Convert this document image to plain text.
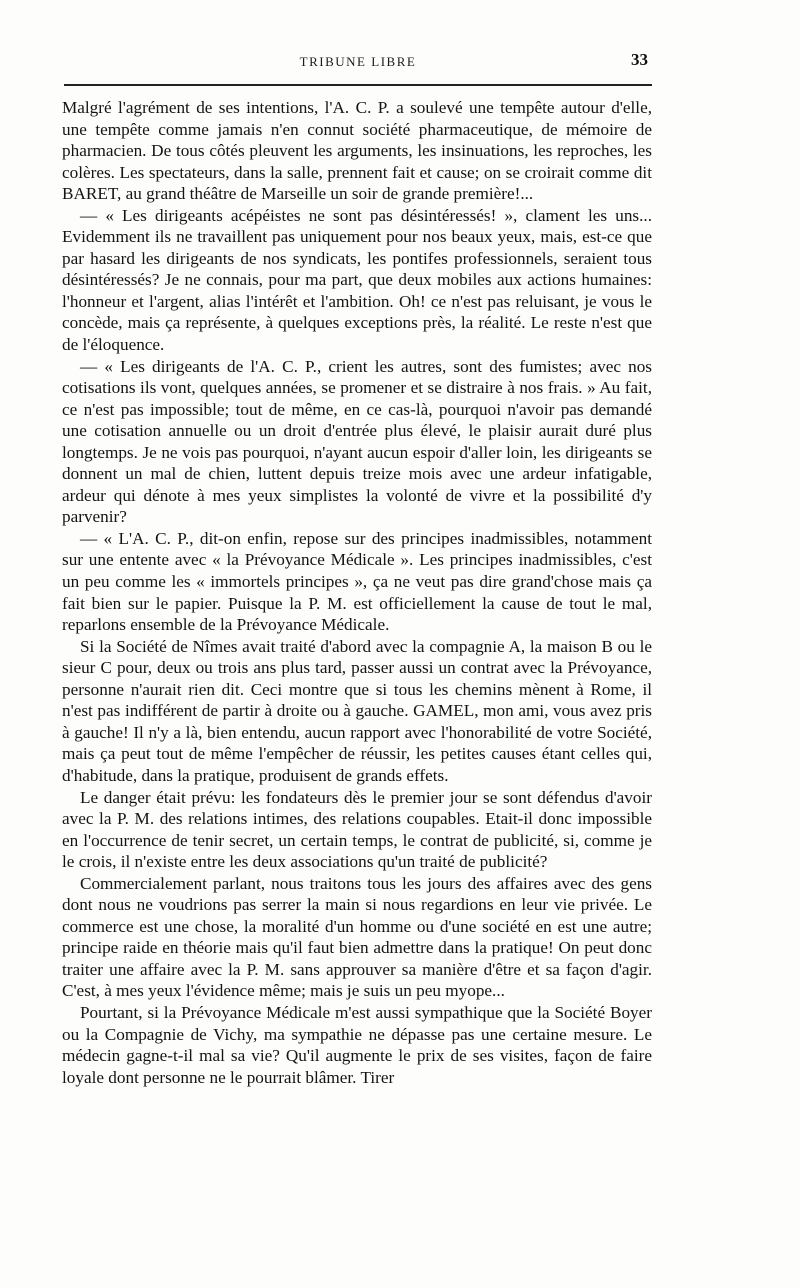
TRIBUNE LIBRE	33

Malgré l'agrément de ses intentions, l'A. C. P. a soulevé une tempête autour d'elle, une tempête comme jamais n'en connut société pharmaceutique, de mémoire de pharmacien. De tous côtés pleuvent les arguments, les insinuations, les reproches, les colères. Les spectateurs, dans la salle, prennent fait et cause; on se croirait comme dit BARET, au grand théâtre de Marseille un soir de grande première!...

— « Les dirigeants acépéistes ne sont pas désintéressés! », clament les uns... Evidemment ils ne travaillent pas uniquement pour nos beaux yeux, mais, est-ce que par hasard les dirigeants de nos syndicats, les pontifes professionnels, seraient tous désintéressés? Je ne connais, pour ma part, que deux mobiles aux actions humaines: l'honneur et l'argent, alias l'intérêt et l'ambition. Oh! ce n'est pas reluisant, je vous le concède, mais ça représente, à quelques exceptions près, la réalité. Le reste n'est que de l'éloquence.

— « Les dirigeants de l'A. C. P., crient les autres, sont des fumistes; avec nos cotisations ils vont, quelques années, se promener et se distraire à nos frais. » Au fait, ce n'est pas impossible; tout de même, en ce cas-là, pourquoi n'avoir pas demandé une cotisation annuelle ou un droit d'entrée plus élevé, le plaisir aurait duré plus longtemps. Je ne vois pas pourquoi, n'ayant aucun espoir d'aller loin, les dirigeants se donnent un mal de chien, luttent depuis treize mois avec une ardeur infatigable, ardeur qui dénote à mes yeux simplistes la volonté de vivre et la possibilité d'y parvenir?

— « L'A. C. P., dit-on enfin, repose sur des principes inadmissibles, notamment sur une entente avec « la Prévoyance Médicale ». Les principes inadmissibles, c'est un peu comme les « immortels principes », ça ne veut pas dire grand'chose mais ça fait bien sur le papier. Puisque la P. M. est officiellement la cause de tout le mal, reparlons ensemble de la Prévoyance Médicale.

Si la Société de Nîmes avait traité d'abord avec la compagnie A, la maison B ou le sieur C pour, deux ou trois ans plus tard, passer aussi un contrat avec la Prévoyance, personne n'aurait rien dit. Ceci montre que si tous les chemins mènent à Rome, il n'est pas indifférent de partir à droite ou à gauche. GAMEL, mon ami, vous avez pris à gauche! Il n'y a là, bien entendu, aucun rapport avec l'honorabilité de votre Société, mais ça peut tout de même l'empêcher de réussir, les petites causes étant celles qui, d'habitude, dans la pratique, produisent de grands effets.

Le danger était prévu: les fondateurs dès le premier jour se sont défendus d'avoir avec la P. M. des relations intimes, des relations coupables. Etait-il donc impossible en l'occurrence de tenir secret, un certain temps, le contrat de publicité, si, comme je le crois, il n'existe entre les deux associations qu'un traité de publicité?

Commercialement parlant, nous traitons tous les jours des affaires avec des gens dont nous ne voudrions pas serrer la main si nous regardions en leur vie privée. Le commerce est une chose, la moralité d'un homme ou d'une société en est une autre; principe raide en théorie mais qu'il faut bien admettre dans la pratique! On peut donc traiter une affaire avec la P. M. sans approuver sa manière d'être et sa façon d'agir. C'est, à mes yeux l'évidence même; mais je suis un peu myope...

Pourtant, si la Prévoyance Médicale m'est aussi sympathique que la Société Boyer ou la Compagnie de Vichy, ma sympathie ne dépasse pas une certaine mesure. Le médecin gagne-t-il mal sa vie? Qu'il augmente le prix de ses visites, façon de faire loyale dont personne ne le pourrait blâmer. Tirer
